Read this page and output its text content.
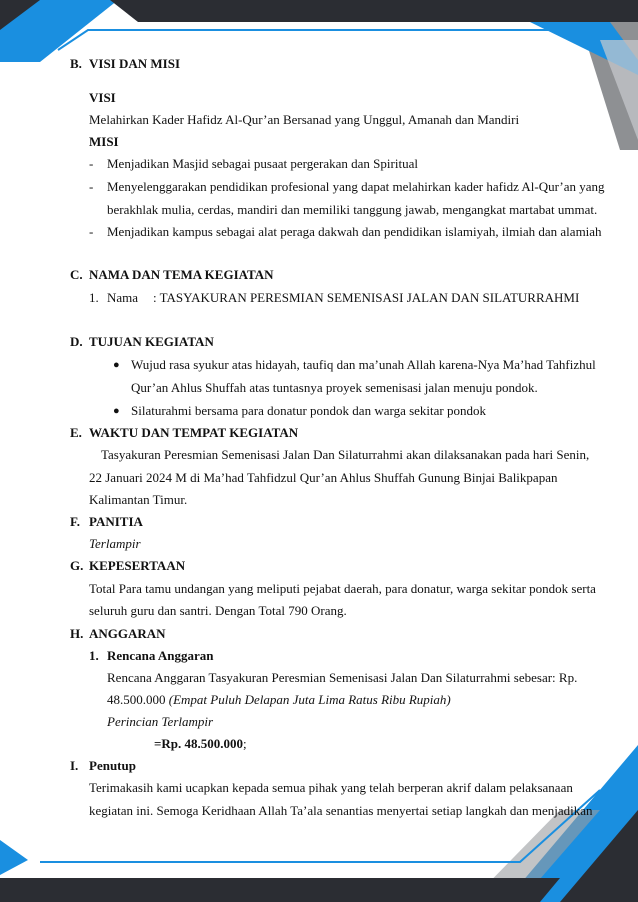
B. VISI DAN MISI
VISI
Melahirkan Kader Hafidz Al-Qur’an Bersanad yang Unggul, Amanah dan Mandiri
MISI
- Menjadikan Masjid sebagai pusaat pergerakan dan Spiritual
- Menyelenggarakan pendidikan profesional yang dapat melahirkan kader hafidz Al-Qur’an yang
berakhlak mulia, cerdas, mandiri dan memiliki tanggung jawab, mengangkat martabat ummat.
- Menjadikan kampus sebagai alat peraga dakwah dan pendidikan islamiyah, ilmiah dan alamiah
C. NAMA DAN TEMA KEGIATAN
1. Nama : TASYAKURAN PERESMIAN SEMENISASI JALAN DAN SILATURRAHMI
D. TUJUAN KEGIATAN
● Wujud rasa syukur atas hidayah, taufiq dan ma’unah Allah karena-Nya Ma’had Tahfizhul
Qur’an Ahlus Shuffah atas tuntasnya proyek semenisasi jalan menuju pondok.
● Silaturahmi bersama para donatur pondok dan warga sekitar pondok
E. WAKTU DAN TEMPAT KEGIATAN
Tasyakuran Peresmian Semenisasi Jalan Dan Silaturrahmi akan dilaksanakan pada hari Senin,
22 Januari 2024 M di Ma’had Tahfidzul Qur’an Ahlus Shuffah Gunung Binjai Balikpapan
Kalimantan Timur.
F. PANITIA
Terlampir
G. KEPESERTAAN
Total Para tamu undangan yang meliputi pejabat daerah, para donatur, warga sekitar pondok serta
seluruh guru dan santri. Dengan Total 790 Orang.
H. ANGGARAN
1. Rencana Anggaran
Rencana Anggaran Tasyakuran Peresmian Semenisasi Jalan Dan Silaturrahmi sebesar: Rp.
48.500.000 (Empat Puluh Delapan Juta Lima Ratus Ribu Rupiah)
Perincian Terlampir
=Rp. 48.500.000;
I. Penutup
Terimakasih kami ucapkan kepada semua pihak yang telah berperan akrif dalam pelaksanaan
kegiatan ini. Semoga Keridhaan Allah Ta’ala senantias menyertai setiap langkah dan menjadikan
